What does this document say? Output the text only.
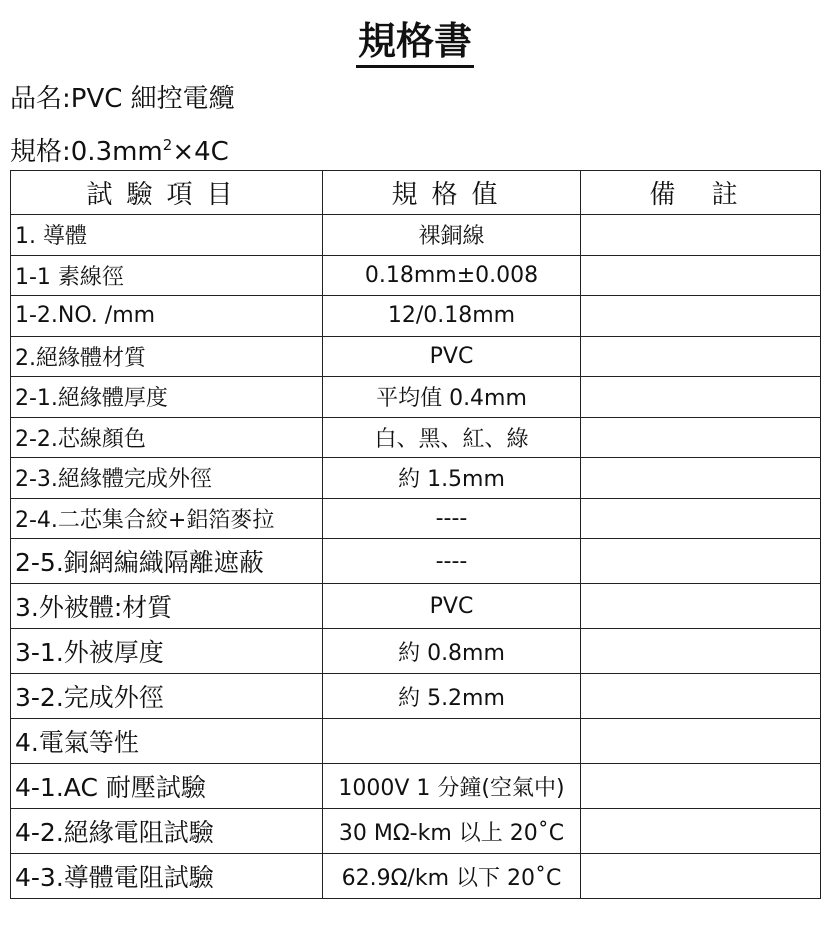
規格書
品名:PVC 細控電纜
規格$:0.3mm^2\times 4C$
試驗項目	規格值	備 註
1. 導體	裸銅線	
1-1 素線徑	0.18mm±0.008	
1-2.NO. /mm	12/0.18mm	
2.絕緣體材質	PVC	
2-1.絕緣體厚度	平均值 0.4mm	
2-2.芯線顏色	白、黑、紅、綠	
2-3.絕緣體完成外徑	約 1.5mm	
2-4.二芯集合絞+鋁箔麥拉	----	
2-5.銅網編織隔離遮蔽	----	
3.外被體:材質	PVC	
3-1.外被厚度	約 0.8mm	
3-2.完成外徑	約 5.2mm	
4.電氣等性		
4-1.AC 耐壓試驗	1000V 1 分鐘(空氣中)	
4-2.絕緣電阻試驗	30 MΩ-km 以上 20˚C	
4-3.導體電阻試驗	62.9Ω/km 以下 20˚C	
